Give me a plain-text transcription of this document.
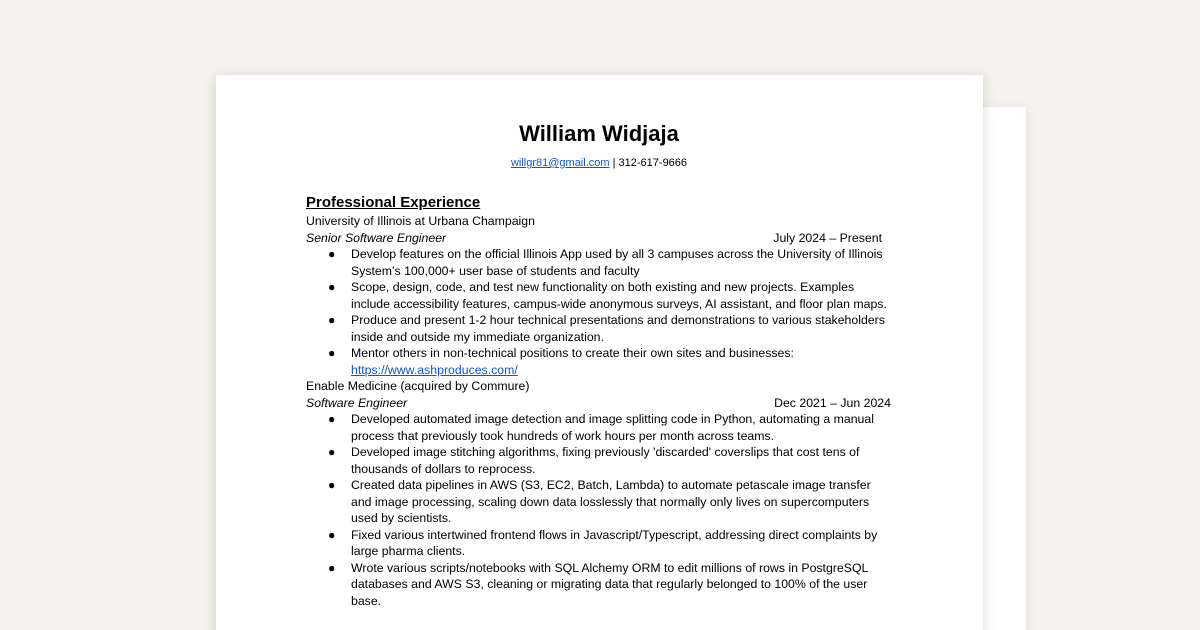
William Widjaja
willgr81@gmail.com | 312-617-9666
Professional Experience
University of Illinois at Urbana Champaign
Senior Software Engineer	July 2024 – Present
● Develop features on the official Illinois App used by all 3 campuses across the University of Illinois System’s 100,000+ user base of students and faculty
● Scope, design, code, and test new functionality on both existing and new projects. Examples include accessibility features, campus-wide anonymous surveys, AI assistant, and floor plan maps.
● Produce and present 1-2 hour technical presentations and demonstrations to various stakeholders inside and outside my immediate organization.
● Mentor others in non-technical positions to create their own sites and businesses:
https://www.ashproduces.com/
Enable Medicine (acquired by Commure)
Software Engineer	Dec 2021 – Jun 2024
● Developed automated image detection and image splitting code in Python, automating a manual process that previously took hundreds of work hours per month across teams.
● Developed image stitching algorithms, fixing previously 'discarded' coverslips that cost tens of thousands of dollars to reprocess.
● Created data pipelines in AWS (S3, EC2, Batch, Lambda) to automate petascale image transfer and image processing, scaling down data losslessly that normally only lives on supercomputers used by scientists.
● Fixed various intertwined frontend flows in Javascript/Typescript, addressing direct complaints by large pharma clients.
● Wrote various scripts/notebooks with SQL Alchemy ORM to edit millions of rows in PostgreSQL databases and AWS S3, cleaning or migrating data that regularly belonged to 100% of the user base.
